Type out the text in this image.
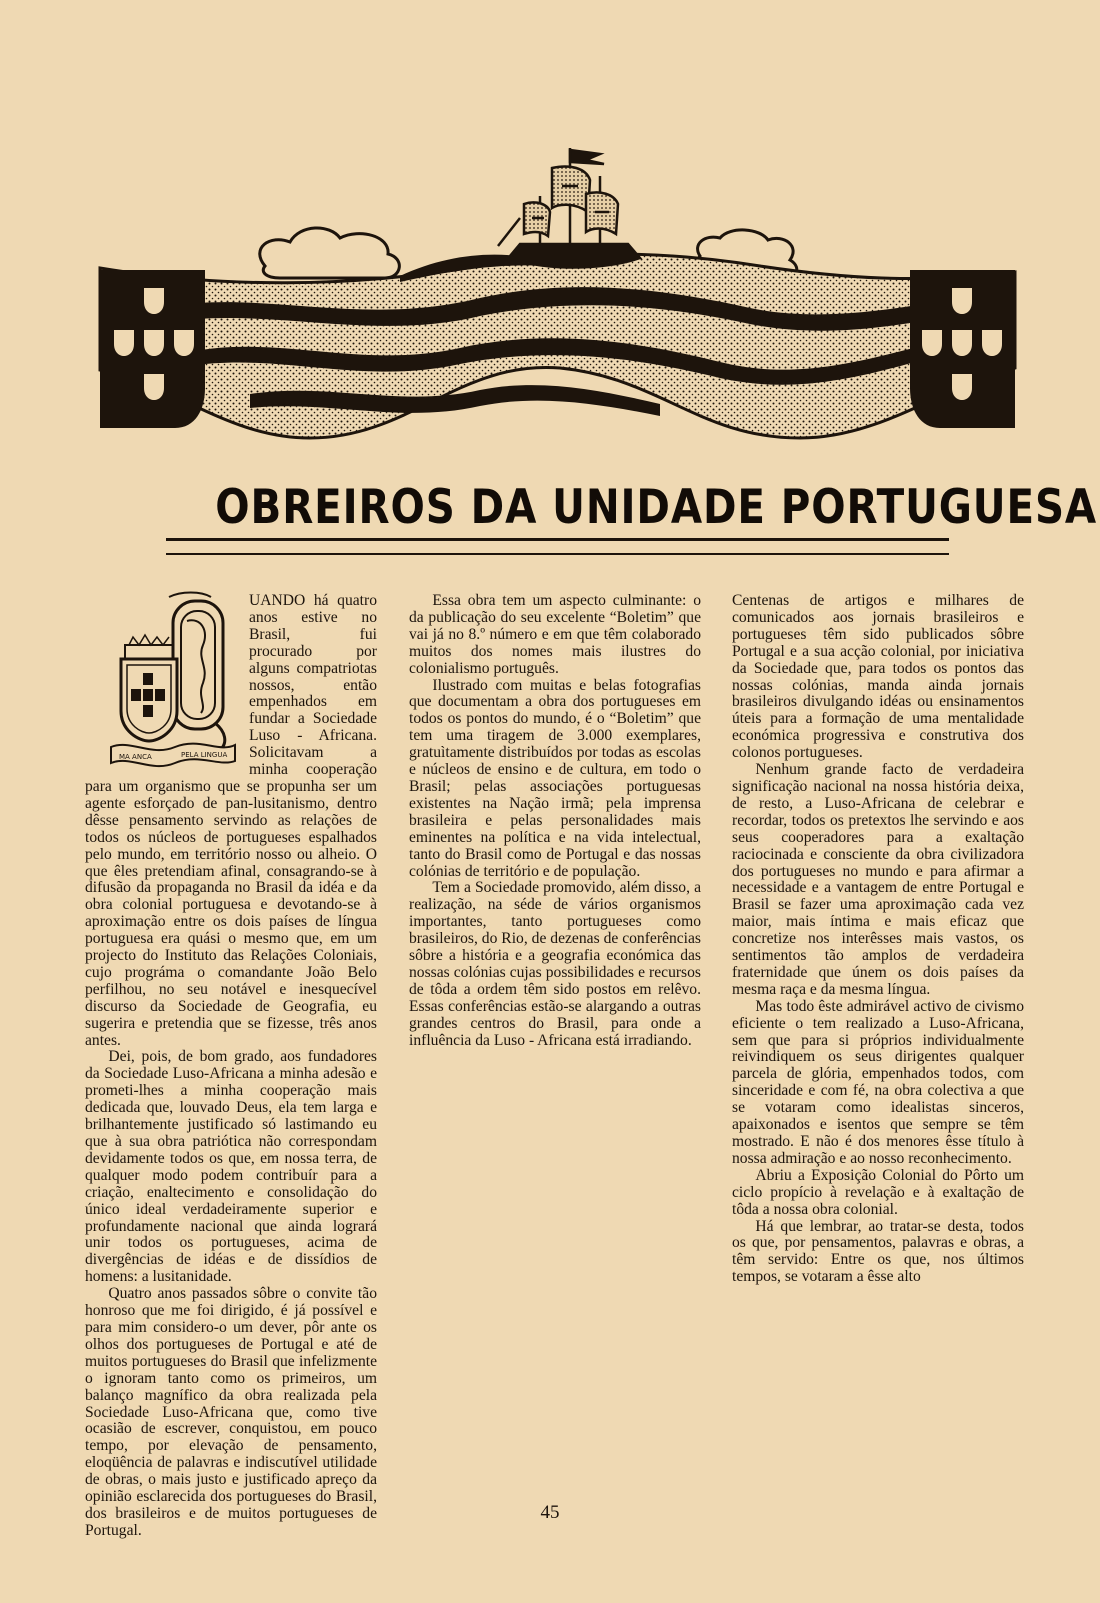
OBREIROS DA UNIDADE PORTUGUESA
MA ANCA	PELA LINGUA

UANDO há quatro anos estive no Brasil, fui procurado por alguns compatriotas nossos, então empenhados em fundar a Sociedade Luso - Africana. Solicitavam a minha cooperação para um organismo que se propunha ser um agente esforçado de pan-lusitanismo, dentro dêsse pensamento servindo as relações de todos os núcleos de portugueses espalhados pelo mundo, em território nosso ou alheio. O que êles pretendiam afinal, consagrando-se à difusão da propaganda no Brasil da idéa e da obra colonial portuguesa e devotando-se à aproximação entre os dois países de língua portuguesa era quási o mesmo que, em um projecto do Instituto das Relações Coloniais, cujo prográma o comandante João Belo perfilhou, no seu notável e inesquecível discurso da Sociedade de Geografia, eu sugerira e pretendia que se fizesse, três anos antes.

Dei, pois, de bom grado, aos fundadores da Sociedade Luso-Africana a minha adesão e prometi-lhes a minha cooperação mais dedicada que, louvado Deus, ela tem larga e brilhantemente justificado só lastimando eu que à sua obra patriótica não correspondam devidamente todos os que, em nossa terra, de qualquer modo podem contribuír para a criação, enaltecimento e consolidação do único ideal verdadeiramente superior e profundamente nacional que ainda logrará unir todos os portugueses, acima de divergências de idéas e de dissídios de homens: a lusitanidade.

Quatro anos passados sôbre o convite tão honroso que me foi dirigido, é já possível e para mim considero-o um dever, pôr ante os olhos dos portugueses de Portugal e até de muitos portugueses do Brasil que infelizmente o ignoram tanto como os primeiros, um balanço magnífico da obra realizada pela Sociedade Luso-Africana que, como tive ocasião de escrever, conquistou, em pouco tempo, por elevação de pensamento, eloqüência de palavras e indiscutível utilidade de obras, o mais justo e justificado apreço da opinião esclarecida dos portugueses do Brasil, dos brasileiros e de muitos portugueses de Portugal.

Essa obra tem um aspecto culminante: o da publicação do seu excelente “Boletim” que vai já no 8.º número e em que têm colaborado muitos dos nomes mais ilustres do colonialismo português.

Ilustrado com muitas e belas fotografias que documentam a obra dos portugueses em todos os pontos do mundo, é o “Boletim” que tem uma tiragem de 3.000 exemplares, gratuìtamente distribuídos por todas as escolas e núcleos de ensino e de cultura, em todo o Brasil; pelas associações portuguesas existentes na Nação irmã; pela imprensa brasileira e pelas personalidades mais eminentes na política e na vida intelectual, tanto do Brasil como de Portugal e das nossas colónias de território e de população.

Tem a Sociedade promovido, além disso, a realização, na séde de vários organismos importantes, tanto portugueses como brasileiros, do Rio, de dezenas de conferências sôbre a história e a geografia económica das nossas colónias cujas possibilidades e recursos de tôda a ordem têm sido postos em relêvo. Essas conferências estão-se alargando a outras grandes centros do Brasil, para onde a influência da Luso - Africana está irradiando.

Centenas de artigos e milhares de comunicados aos jornais brasileiros e portugueses têm sido publicados sôbre Portugal e a sua acção colonial, por iniciativa da Sociedade que, para todos os pontos das nossas colónias, manda ainda jornais brasileiros divulgando idéas ou ensinamentos úteis para a formação de uma mentalidade económica progressiva e construtiva dos colonos portugueses.

Nenhum grande facto de verdadeira significação nacional na nossa história deixa, de resto, a Luso-Africana de celebrar e recordar, todos os pretextos lhe servindo e aos seus cooperadores para a exaltação raciocinada e consciente da obra civilizadora dos portugueses no mundo e para afirmar a necessidade e a vantagem de entre Portugal e Brasil se fazer uma aproximação cada vez maior, mais íntima e mais eficaz que concretize nos interêsses mais vastos, os sentimentos tão amplos de verdadeira fraternidade que únem os dois países da mesma raça e da mesma língua.

Mas todo êste admirável activo de civismo eficiente o tem realizado a Luso-Africana, sem que para si próprios individualmente reivindiquem os seus dirigentes qualquer parcela de glória, empenhados todos, com sinceridade e com fé, na obra colectiva a que se votaram como idealistas sinceros, apaixonados e isentos que sempre se têm mostrado. E não é dos menores êsse título à nossa admiração e ao nosso reconhecimento.

Abriu a Exposição Colonial do Pôrto um ciclo propício à revelação e à exaltação de tôda a nossa obra colonial.

Há que lembrar, ao tratar-se desta, todos os que, por pensamentos, palavras e obras, a têm servido: Entre os que, nos últimos tempos, se votaram a êsse alto

45
